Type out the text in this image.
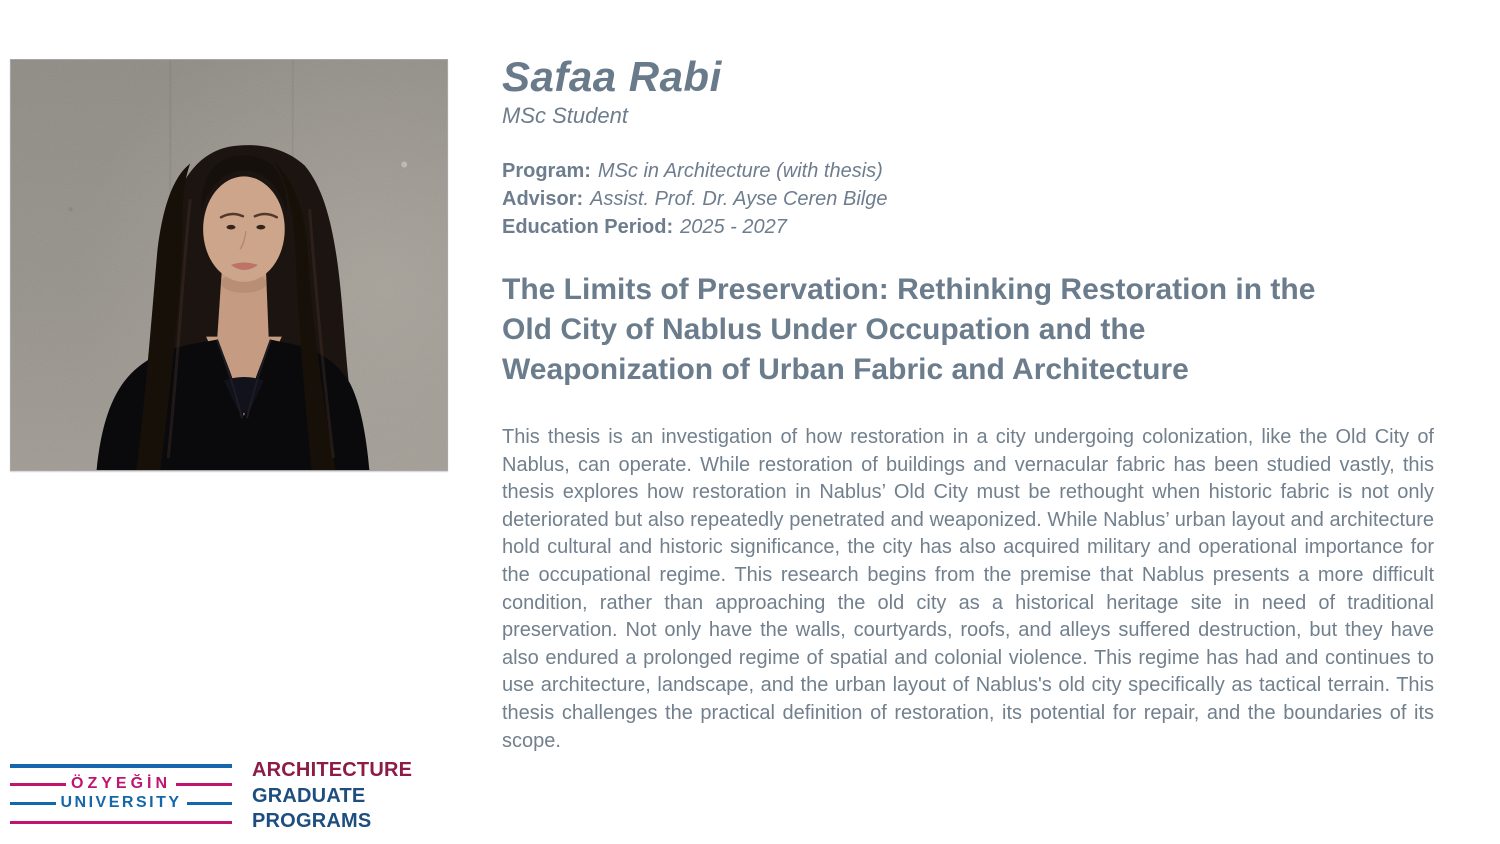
Safaa Rabi
MSc Student
Program: MSc in Architecture (with thesis)
Advisor: Assist. Prof. Dr. Ayse Ceren Bilge
Education Period: 2025 - 2027
The Limits of Preservation: Rethinking Restoration in the
Old City of Nablus Under Occupation and the
Weaponization of Urban Fabric and Architecture

This thesis is an investigation of how restoration in a city undergoing colonization, like the Old City of Nablus, can operate. While restoration of buildings and vernacular fabric has been studied vastly, this thesis explores how restoration in Nablus’ Old City must be rethought when historic fabric is not only deteriorated but also repeatedly penetrated and weaponized. While Nablus’ urban layout and architecture hold cultural and historic significance, the city has also acquired military and operational importance for the occupational regime. This research begins from the premise that Nablus presents a more difficult condition, rather than approaching the old city as a historical heritage site in need of traditional preservation. Not only have the walls, courtyards, roofs, and alleys suffered destruction, but they have also endured a prolonged regime of spatial and colonial violence. This regime has had and continues to use architecture, landscape, and the urban layout of Nablus's old city specifically as tactical terrain. This thesis challenges the practical definition of restoration, its potential for repair, and the boundaries of its scope.

ÖZYEĞİN
UNIVERSITY
ARCHITECTURE
GRADUATE
PROGRAMS
